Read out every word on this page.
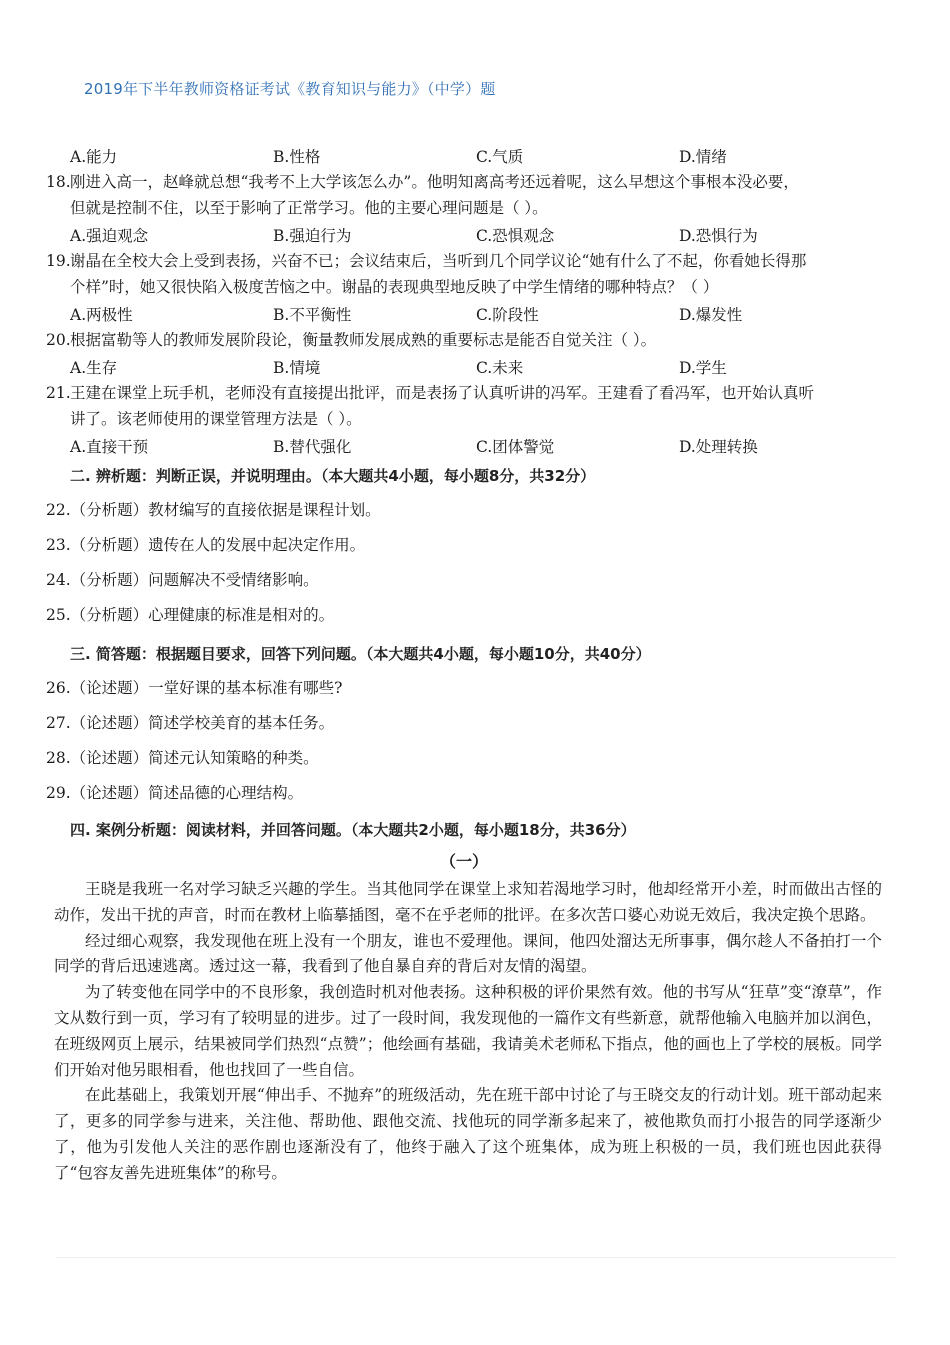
2019年下半年教师资格证考试《教育知识与能力》（中学）题
A.能力	B.性格	C.气质	D.情绪
18. 刚进入高一，赵峰就总想“我考不上大学该怎么办”。他明知离高考还远着呢，这么早想这个事根本没必要，
但就是控制不住，以至于影响了正常学习。他的主要心理问题是（ ）。
A.强迫观念	B.强迫行为	C.恐惧观念	D.恐惧行为
19. 谢晶在全校大会上受到表扬，兴奋不已；会议结束后，当听到几个同学议论“她有什么了不起，你看她长得那
个样”时，她又很快陷入极度苦恼之中。谢晶的表现典型地反映了中学生情绪的哪种特点？（ ）
A.两极性	B.不平衡性	C.阶段性	D.爆发性
20. 根据富勒等人的教师发展阶段论，衡量教师发展成熟的重要标志是能否自觉关注（ ）。
A.生存	B.情境	C.未来	D.学生
21. 王建在课堂上玩手机，老师没有直接提出批评，而是表扬了认真听讲的冯军。王建看了看冯军，也开始认真听
讲了。该老师使用的课堂管理方法是（ ）。
A.直接干预	B.替代强化	C.团体警觉	D.处理转换
二. 辨析题：判断正误，并说明理由。（本大题共4小题，每小题8分，共32分）
22.（分析题）教材编写的直接依据是课程计划。
23.（分析题）遗传在人的发展中起决定作用。
24.（分析题）问题解决不受情绪影响。
25.（分析题）心理健康的标准是相对的。
三. 简答题：根据题目要求，回答下列问题。（本大题共4小题，每小题10分，共40分）
26.（论述题）一堂好课的基本标准有哪些?
27.（论述题）简述学校美育的基本任务。
28.（论述题）简述元认知策略的种类。
29.（论述题）简述品德的心理结构。
四. 案例分析题：阅读材料，并回答问题。（本大题共2小题，每小题18分，共36分）
（一）
王晓是我班一名对学习缺乏兴趣的学生。当其他同学在课堂上求知若渴地学习时，他却经常开小差，时而做出古怪的动作，发出干扰的声音，时而在教材上临摹插图，毫不在乎老师的批评。在多次苦口婆心劝说无效后，我决定换个思路。
经过细心观察，我发现他在班上没有一个朋友，谁也不爱理他。课间，他四处溜达无所事事，偶尔趁人不备拍打一个同学的背后迅速逃离。透过这一幕，我看到了他自暴自弃的背后对友情的渴望。
为了转变他在同学中的不良形象，我创造时机对他表扬。这种积极的评价果然有效。他的书写从“狂草”变“潦草”，作文从数行到一页，学习有了较明显的进步。过了一段时间，我发现他的一篇作文有些新意，就帮他输入电脑并加以润色，在班级网页上展示，结果被同学们热烈“点赞”；他绘画有基础，我请美术老师私下指点，他的画也上了学校的展板。同学们开始对他另眼相看，他也找回了一些自信。
在此基础上，我策划开展“伸出手、不抛弃”的班级活动，先在班干部中讨论了与王晓交友的行动计划。班干部动起来了，更多的同学参与进来，关注他、帮助他、跟他交流、找他玩的同学渐多起来了，被他欺负而打小报告的同学逐渐少了，他为引发他人关注的恶作剧也逐渐没有了，他终于融入了这个班集体，成为班上积极的一员，我们班也因此获得了“包容友善先进班集体”的称号。
